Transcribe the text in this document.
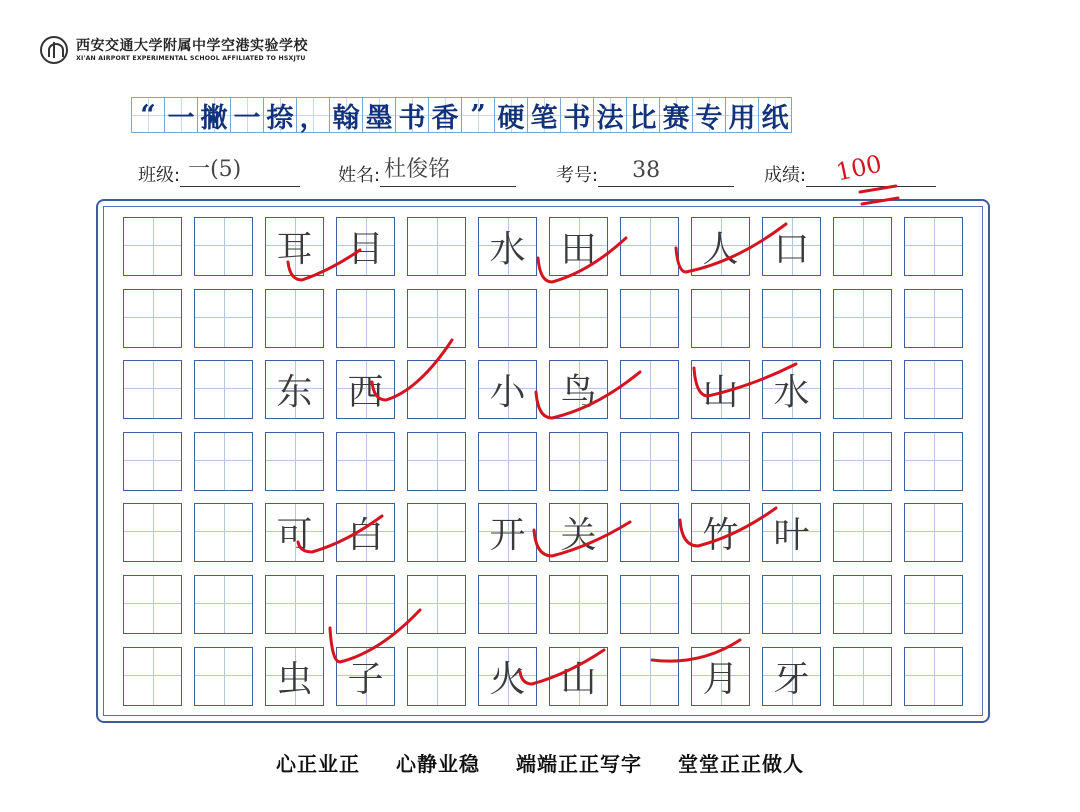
西安交通大学附属中学空港实验学校
XI'AN AIRPORT EXPERIMENTAL SCHOOL AFFILIATED TO HSXJTU
“ 一 撇 一 捺 ， 翰 墨 书 香 ” 硬 笔 书 法 比 赛 专 用 纸
班级: 一(5)	姓名: 杜俊铭	考号: 38	成绩: 100
耳 目	水 田	人 口
东 西	小 鸟	山 水
可 白	开 关	竹 叶
虫 子	火 山	月 牙
心正业正 心静业稳 端端正正写字 堂堂正正做人
